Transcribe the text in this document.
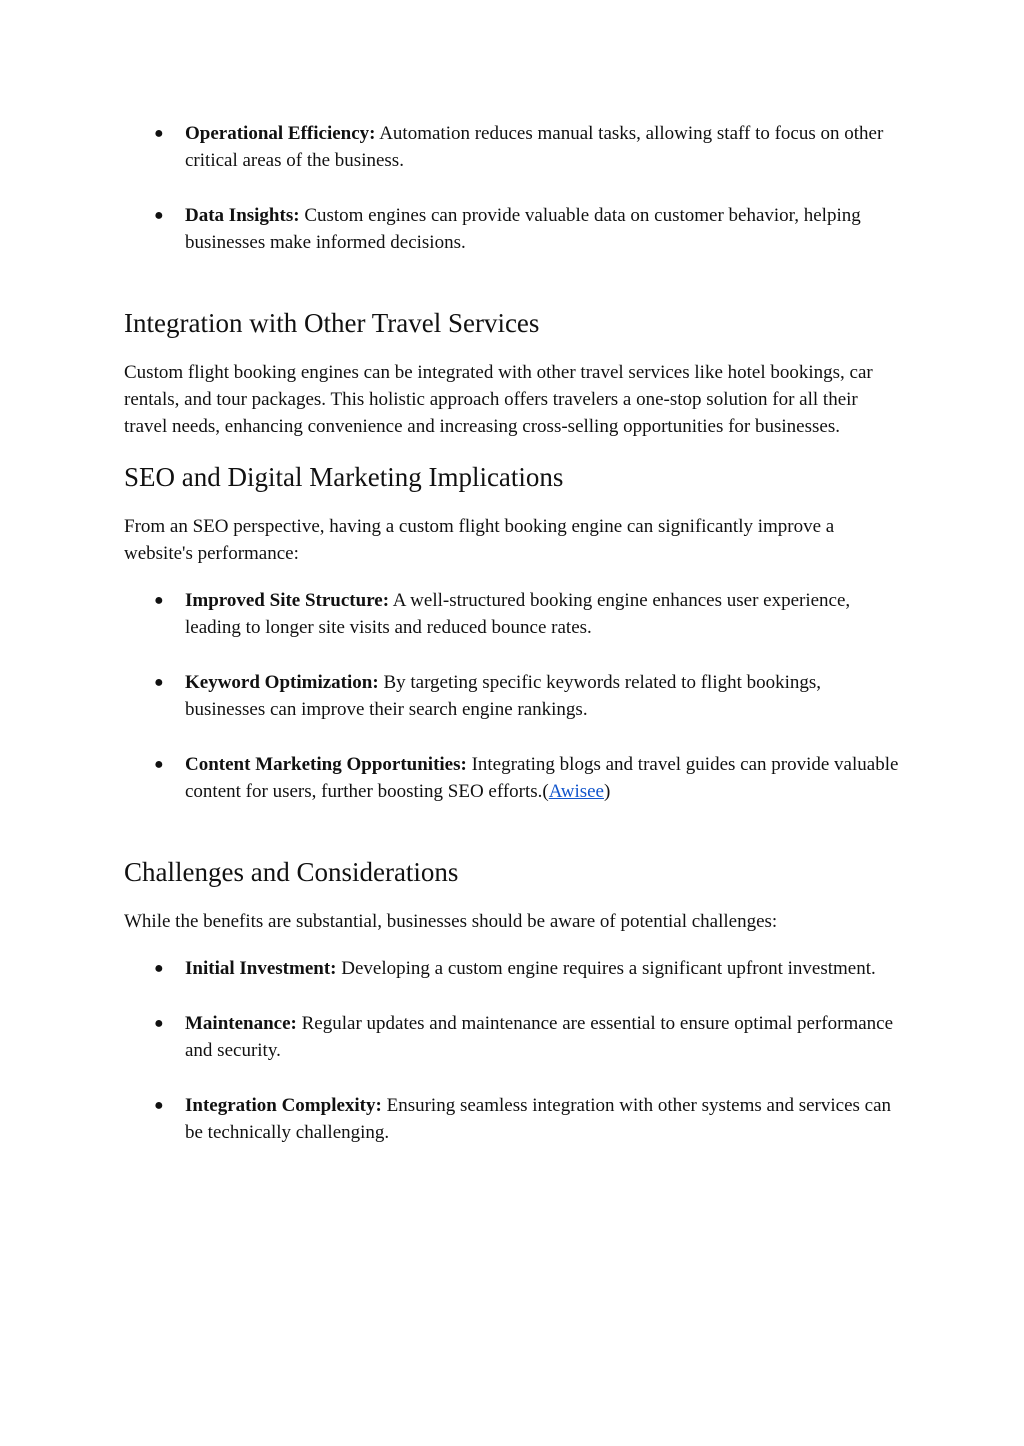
● Operational Efficiency: Automation reduces manual tasks, allowing staff to focus on other critical areas of the business.
● Data Insights: Custom engines can provide valuable data on customer behavior, helping businesses make informed decisions.
Integration with Other Travel Services

Custom flight booking engines can be integrated with other travel services like hotel bookings, car rentals, and tour packages. This holistic approach offers travelers a one-stop solution for all their travel needs, enhancing convenience and increasing cross-selling opportunities for businesses.

SEO and Digital Marketing Implications

From an SEO perspective, having a custom flight booking engine can significantly improve a website's performance:

● Improved Site Structure: A well-structured booking engine enhances user experience, leading to longer site visits and reduced bounce rates.
● Keyword Optimization: By targeting specific keywords related to flight bookings, businesses can improve their search engine rankings.
● Content Marketing Opportunities: Integrating blogs and travel guides can provide valuable content for users, further boosting SEO efforts.(Awisee)
Challenges and Considerations

While the benefits are substantial, businesses should be aware of potential challenges:

● Initial Investment: Developing a custom engine requires a significant upfront investment.
● Maintenance: Regular updates and maintenance are essential to ensure optimal performance and security.
● Integration Complexity: Ensuring seamless integration with other systems and services can be technically challenging.
